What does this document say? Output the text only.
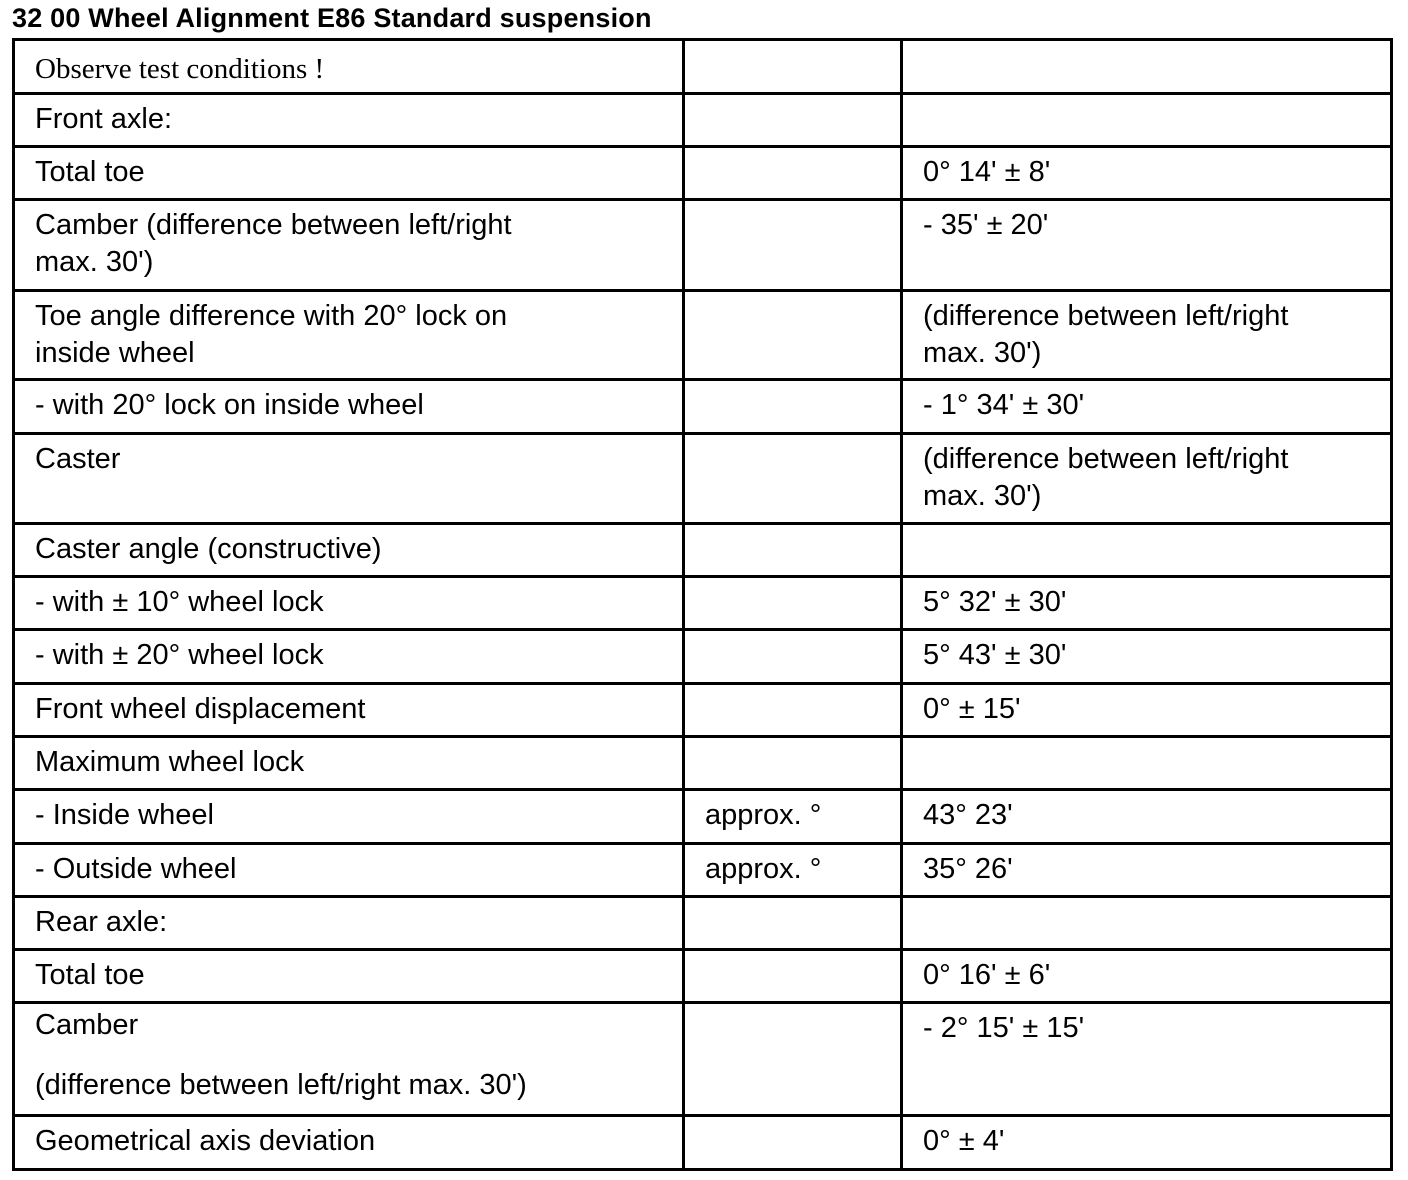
32 00 Wheel Alignment E86 Standard suspension
Observe test conditions !		
Front axle:		
Total toe		0° 14' ± 8'
Camber (difference between left/right
max. 30')		- 35' ± 20'
Toe angle difference with 20° lock on
inside wheel		(difference between left/right
max. 30')
- with 20° lock on inside wheel		- 1° 34' ± 30'
Caster		(difference between left/right
max. 30')
Caster angle (constructive)		
- with ± 10° wheel lock		5° 32' ± 30'
- with ± 20° wheel lock		5° 43' ± 30'
Front wheel displacement		0° ± 15'
Maximum wheel lock		
- Inside wheel	approx. °	43° 23'
- Outside wheel	approx. °	35° 26'
Rear axle:		
Total toe		0° 16' ± 6'
Camber

(difference between left/right max. 30')		- 2° 15' ± 15'
Geometrical axis deviation		0° ± 4'
